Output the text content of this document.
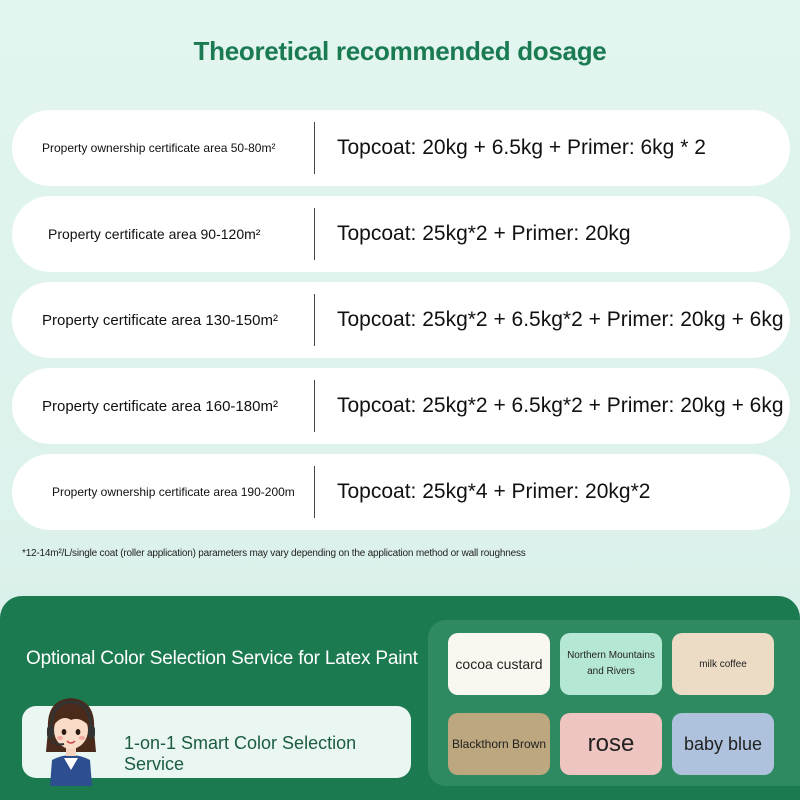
Theoretical recommended dosage
Property ownership certificate area 50-80m²	Topcoat: 20kg + 6.5kg + Primer: 6kg * 2
Property certificate area 90-120m²	Topcoat: 25kg*2 + Primer: 20kg
Property certificate area 130-150m²	Topcoat: 25kg*2 + 6.5kg*2 + Primer: 20kg + 6kg
Property certificate area 160-180m²	Topcoat: 25kg*2 + 6.5kg*2 + Primer: 20kg + 6kg
Property ownership certificate area 190-200m	Topcoat: 25kg*4 + Primer: 20kg*2
*12-14m²/L/single coat (roller application) parameters may vary depending on the application method or wall roughness
Optional Color Selection Service for Latex Paint
1-on-1 Smart Color Selection Service
cocoa custard
Northern Mountains and Rivers
milk coffee
Blackthorn Brown rose	baby blue
